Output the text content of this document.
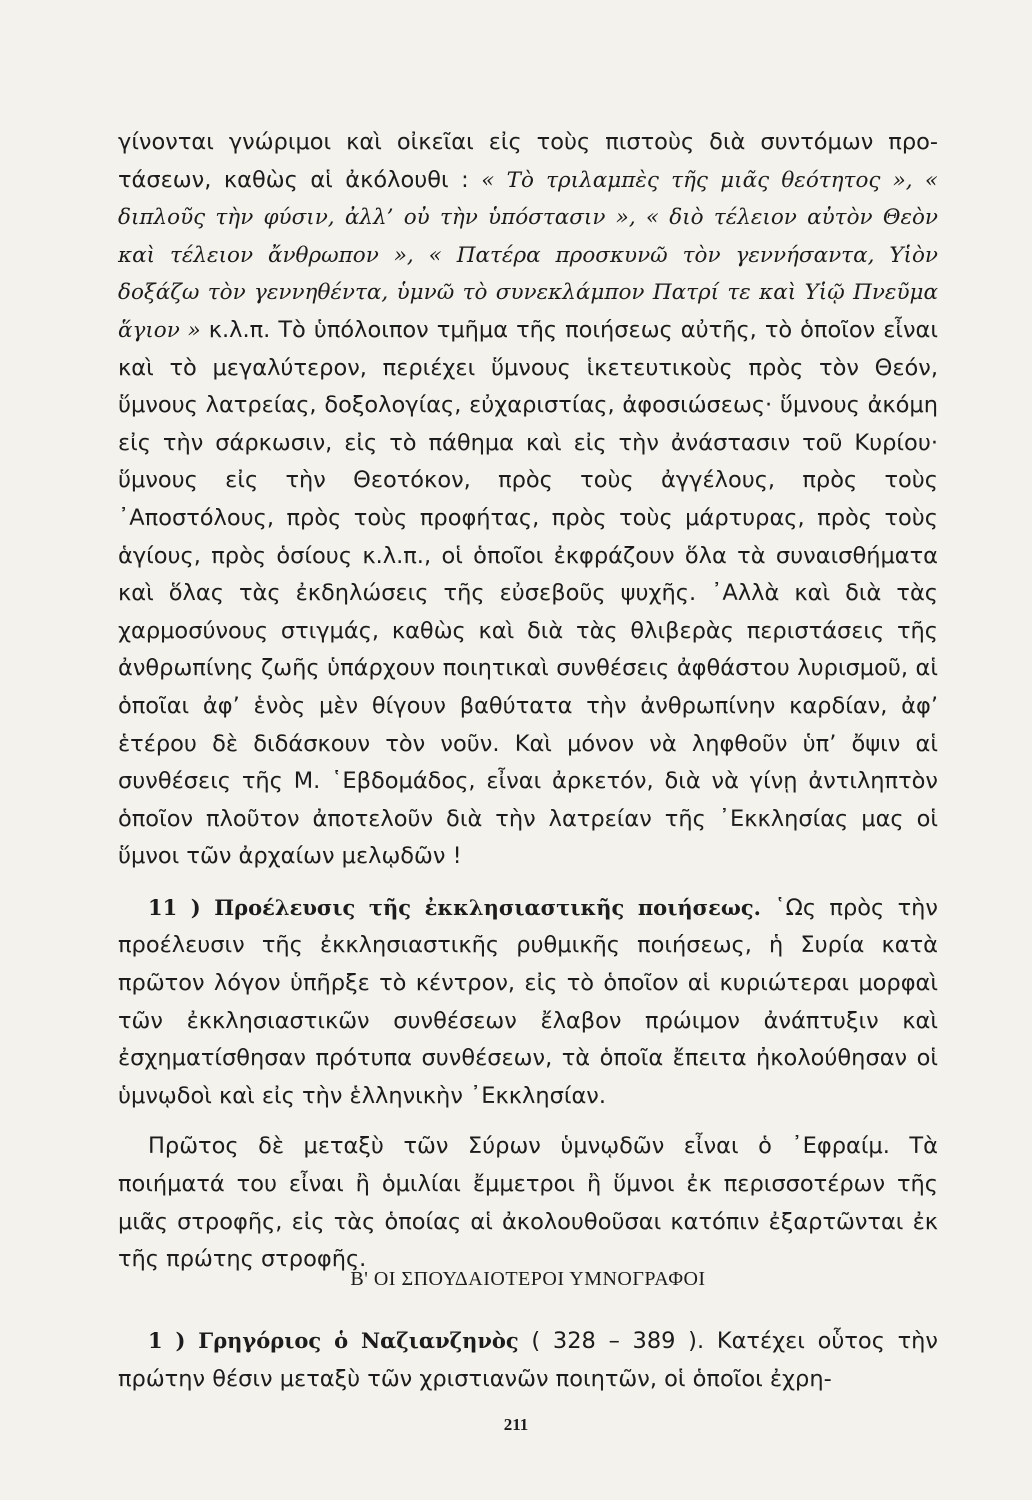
γίνονται γνώριμοι καὶ οἰκεῖαι εἰς τοὺς πιστοὺς διὰ συντόμων προτάσεων, καθὼς αἱ ἀκόλουθι : « Τὸ τριλαμπὲς τῆς μιᾶς θεότητος », « διπλοῦς τὴν φύσιν, ἀλλ’ οὐ τὴν ὑπόστασιν », « διὸ τέλειον αὐτὸν Θεὸν καὶ τέλειον ἄνθρωπον », « Πατέρα προσκυνῶ τὸν γεννήσαντα, Υἱὸν δοξάζω τὸν γεννηθέντα, ὑμνῶ τὸ συνεκλάμπον Πατρί τε καὶ Υἱῷ Πνεῦμα ἅγιον » κ.λ.π. Τὸ ὑπόλοιπον τμῆμα τῆς ποιήσεως αὐτῆς, τὸ ὁποῖον εἶναι καὶ τὸ μεγαλύτερον, περιέχει ὕμνους ἱκετευτικοὺς πρὸς τὸν Θεόν, ὕμνους λατρείας, δοξολογίας, εὐχαριστίας, ἀφοσιώσεως· ὕμνους ἀκόμη εἰς τὴν σάρκωσιν, εἰς τὸ πάθημα καὶ εἰς τὴν ἀνάστασιν τοῦ Κυρίου· ὕμνους εἰς τὴν Θεοτόκον, πρὸς τοὺς ἀγγέλους, πρὸς τοὺς ᾿Αποστόλους, πρὸς τοὺς προφήτας, πρὸς τοὺς μάρτυρας, πρὸς τοὺς ἁγίους, πρὸς ὁσίους κ.λ.π., οἱ ὁποῖοι ἐκφράζουν ὅλα τὰ συναισθήματα καὶ ὅλας τὰς ἐκδηλώσεις τῆς εὐσεβοῦς ψυχῆς. ᾿Αλλὰ καὶ διὰ τὰς χαρμοσύνους στιγμάς, καθὼς καὶ διὰ τὰς θλιβερὰς περιστάσεις τῆς ἀνθρωπίνης ζωῆς ὑπάρχουν ποιητικαὶ συνθέσεις ἀφθάστου λυρισμοῦ, αἱ ὁποῖαι ἀφ’ ἑνὸς μὲν θίγουν βαθύτατα τὴν ἀνθρωπίνην καρδίαν, ἀφ’ ἑτέρου δὲ διδάσκουν τὸν νοῦν. Καὶ μόνον νὰ ληφθοῦν ὑπ’ ὄψιν αἱ συνθέσεις τῆς Μ. ῾Εβδομάδος, εἶναι ἀρκετόν, διὰ νὰ γίνῃ ἀντιληπτὸν ὁποῖον πλοῦτον ἀποτελοῦν διὰ τὴν λατρείαν τῆς ᾿Εκκλησίας μας οἱ ὕμνοι τῶν ἀρχαίων μελῳδῶν !

11 ) Προέλευσις τῆς ἐκκλησιαστικῆς ποιήσεως. ῾Ως πρὸς τὴν προέλευσιν τῆς ἐκκλησιαστικῆς ρυθμικῆς ποιήσεως, ἡ Συρία κατὰ πρῶτον λόγον ὑπῆρξε τὸ κέντρον, εἰς τὸ ὁποῖον αἱ κυριώτεραι μορφαὶ τῶν ἐκκλησιαστικῶν συνθέσεων ἔλαβον πρώιμον ἀνάπτυξιν καὶ ἐσχηματίσθησαν πρότυπα συνθέσεων, τὰ ὁποῖα ἔπειτα ἠκολούθησαν οἱ ὑμνῳδοὶ καὶ εἰς τὴν ἑλληνικὴν ᾿Εκκλησίαν.

Πρῶτος δὲ μεταξὺ τῶν Σύρων ὑμνῳδῶν εἶναι ὁ ᾿Εφραίμ. Τὰ ποιήματά του εἶναι ἢ ὁμιλίαι ἔμμετροι ἢ ὕμνοι ἐκ περισσοτέρων τῆς μιᾶς στροφῆς, εἰς τὰς ὁποίας αἱ ἀκολουθοῦσαι κατόπιν ἐξαρτῶνται ἐκ τῆς πρώτης στροφῆς.

Β' ΟΙ ΣΠΟΥΔΑΙΟΤΕΡΟΙ ΥΜΝΟΓΡΑΦΟΙ

1 ) Γρηγόριος ὁ Ναζιανζηνὸς ( 328 – 389 ). Κατέχει οὗτος τὴν πρώτην θέσιν μεταξὺ τῶν χριστιανῶν ποιητῶν, οἱ ὁποῖοι ἐχρη-

211
